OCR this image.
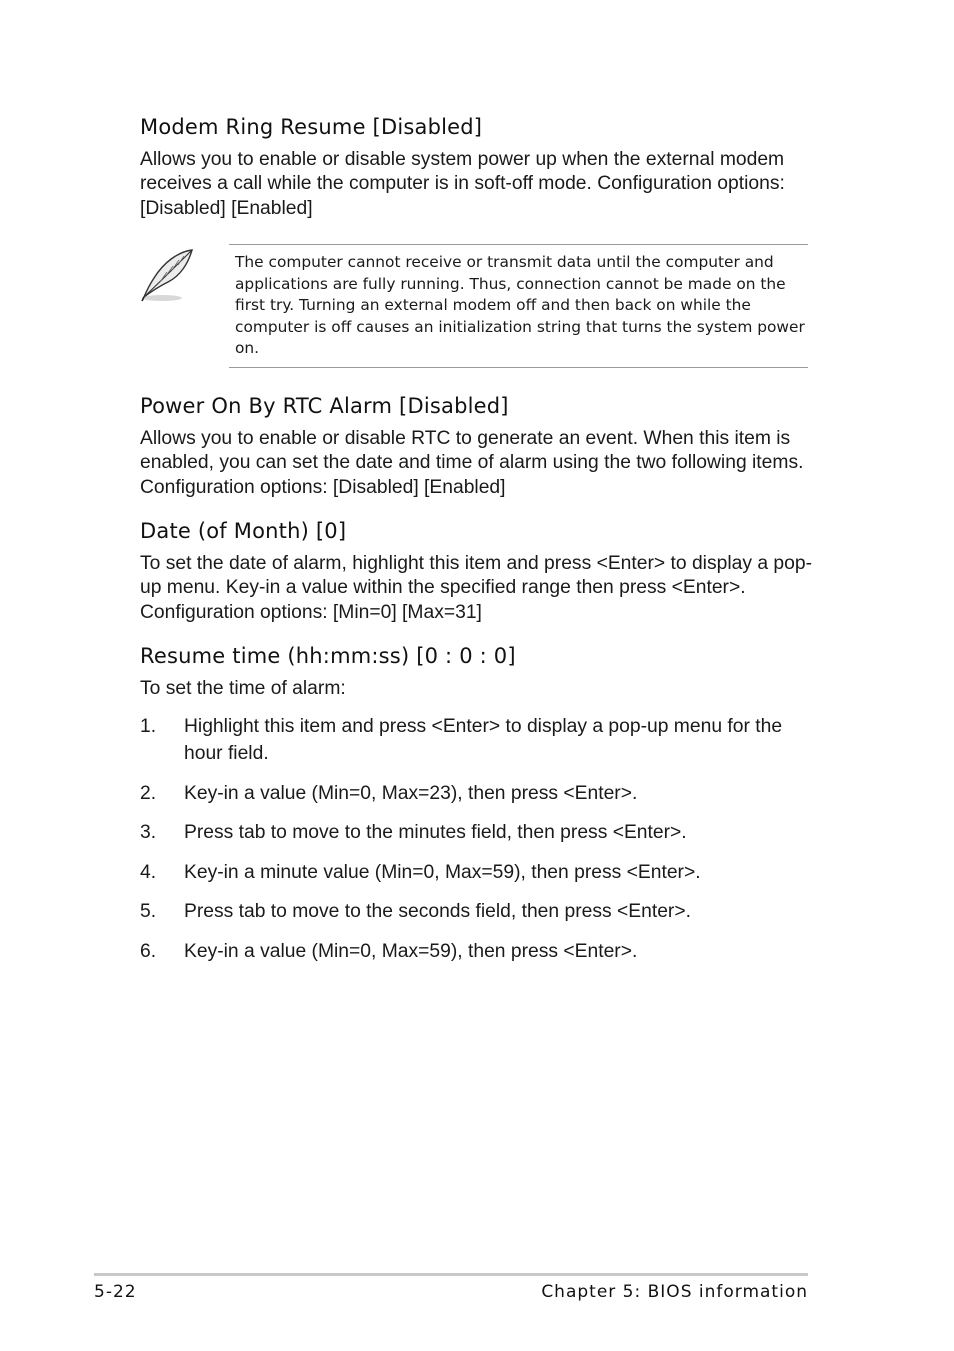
Modem Ring Resume [Disabled]

Allows you to enable or disable system power up when the external modem receives a call while the computer is in soft-off mode. Configuration options: [Disabled] [Enabled]

The computer cannot receive or transmit data until the computer and applications are fully running. Thus, connection cannot be made on the first try. Turning an external modem off and then back on while the computer is off causes an initialization string that turns the system power on.

Power On By RTC Alarm [Disabled]

Allows you to enable or disable RTC to generate an event. When this item is enabled, you can set the date and time of alarm using the two following items. Configuration options: [Disabled] [Enabled]

Date (of Month) [0]

To set the date of alarm, highlight this item and press <Enter> to display a pop-up menu. Key-in a value within the specified range then press <Enter>. Configuration options: [Min=0] [Max=31]

Resume time (hh:mm:ss) [0 : 0 : 0]

To set the time of alarm:

1. Highlight this item and press <Enter> to display a pop-up menu for the hour field.
2. Key-in a value (Min=0, Max=23), then press <Enter>.
3. Press tab to move to the minutes field, then press <Enter>.
4. Key-in a minute value (Min=0, Max=59), then press <Enter>.
5. Press tab to move to the seconds field, then press <Enter>.
6. Key-in a value (Min=0, Max=59), then press <Enter>.

5-22	Chapter 5: BIOS information
